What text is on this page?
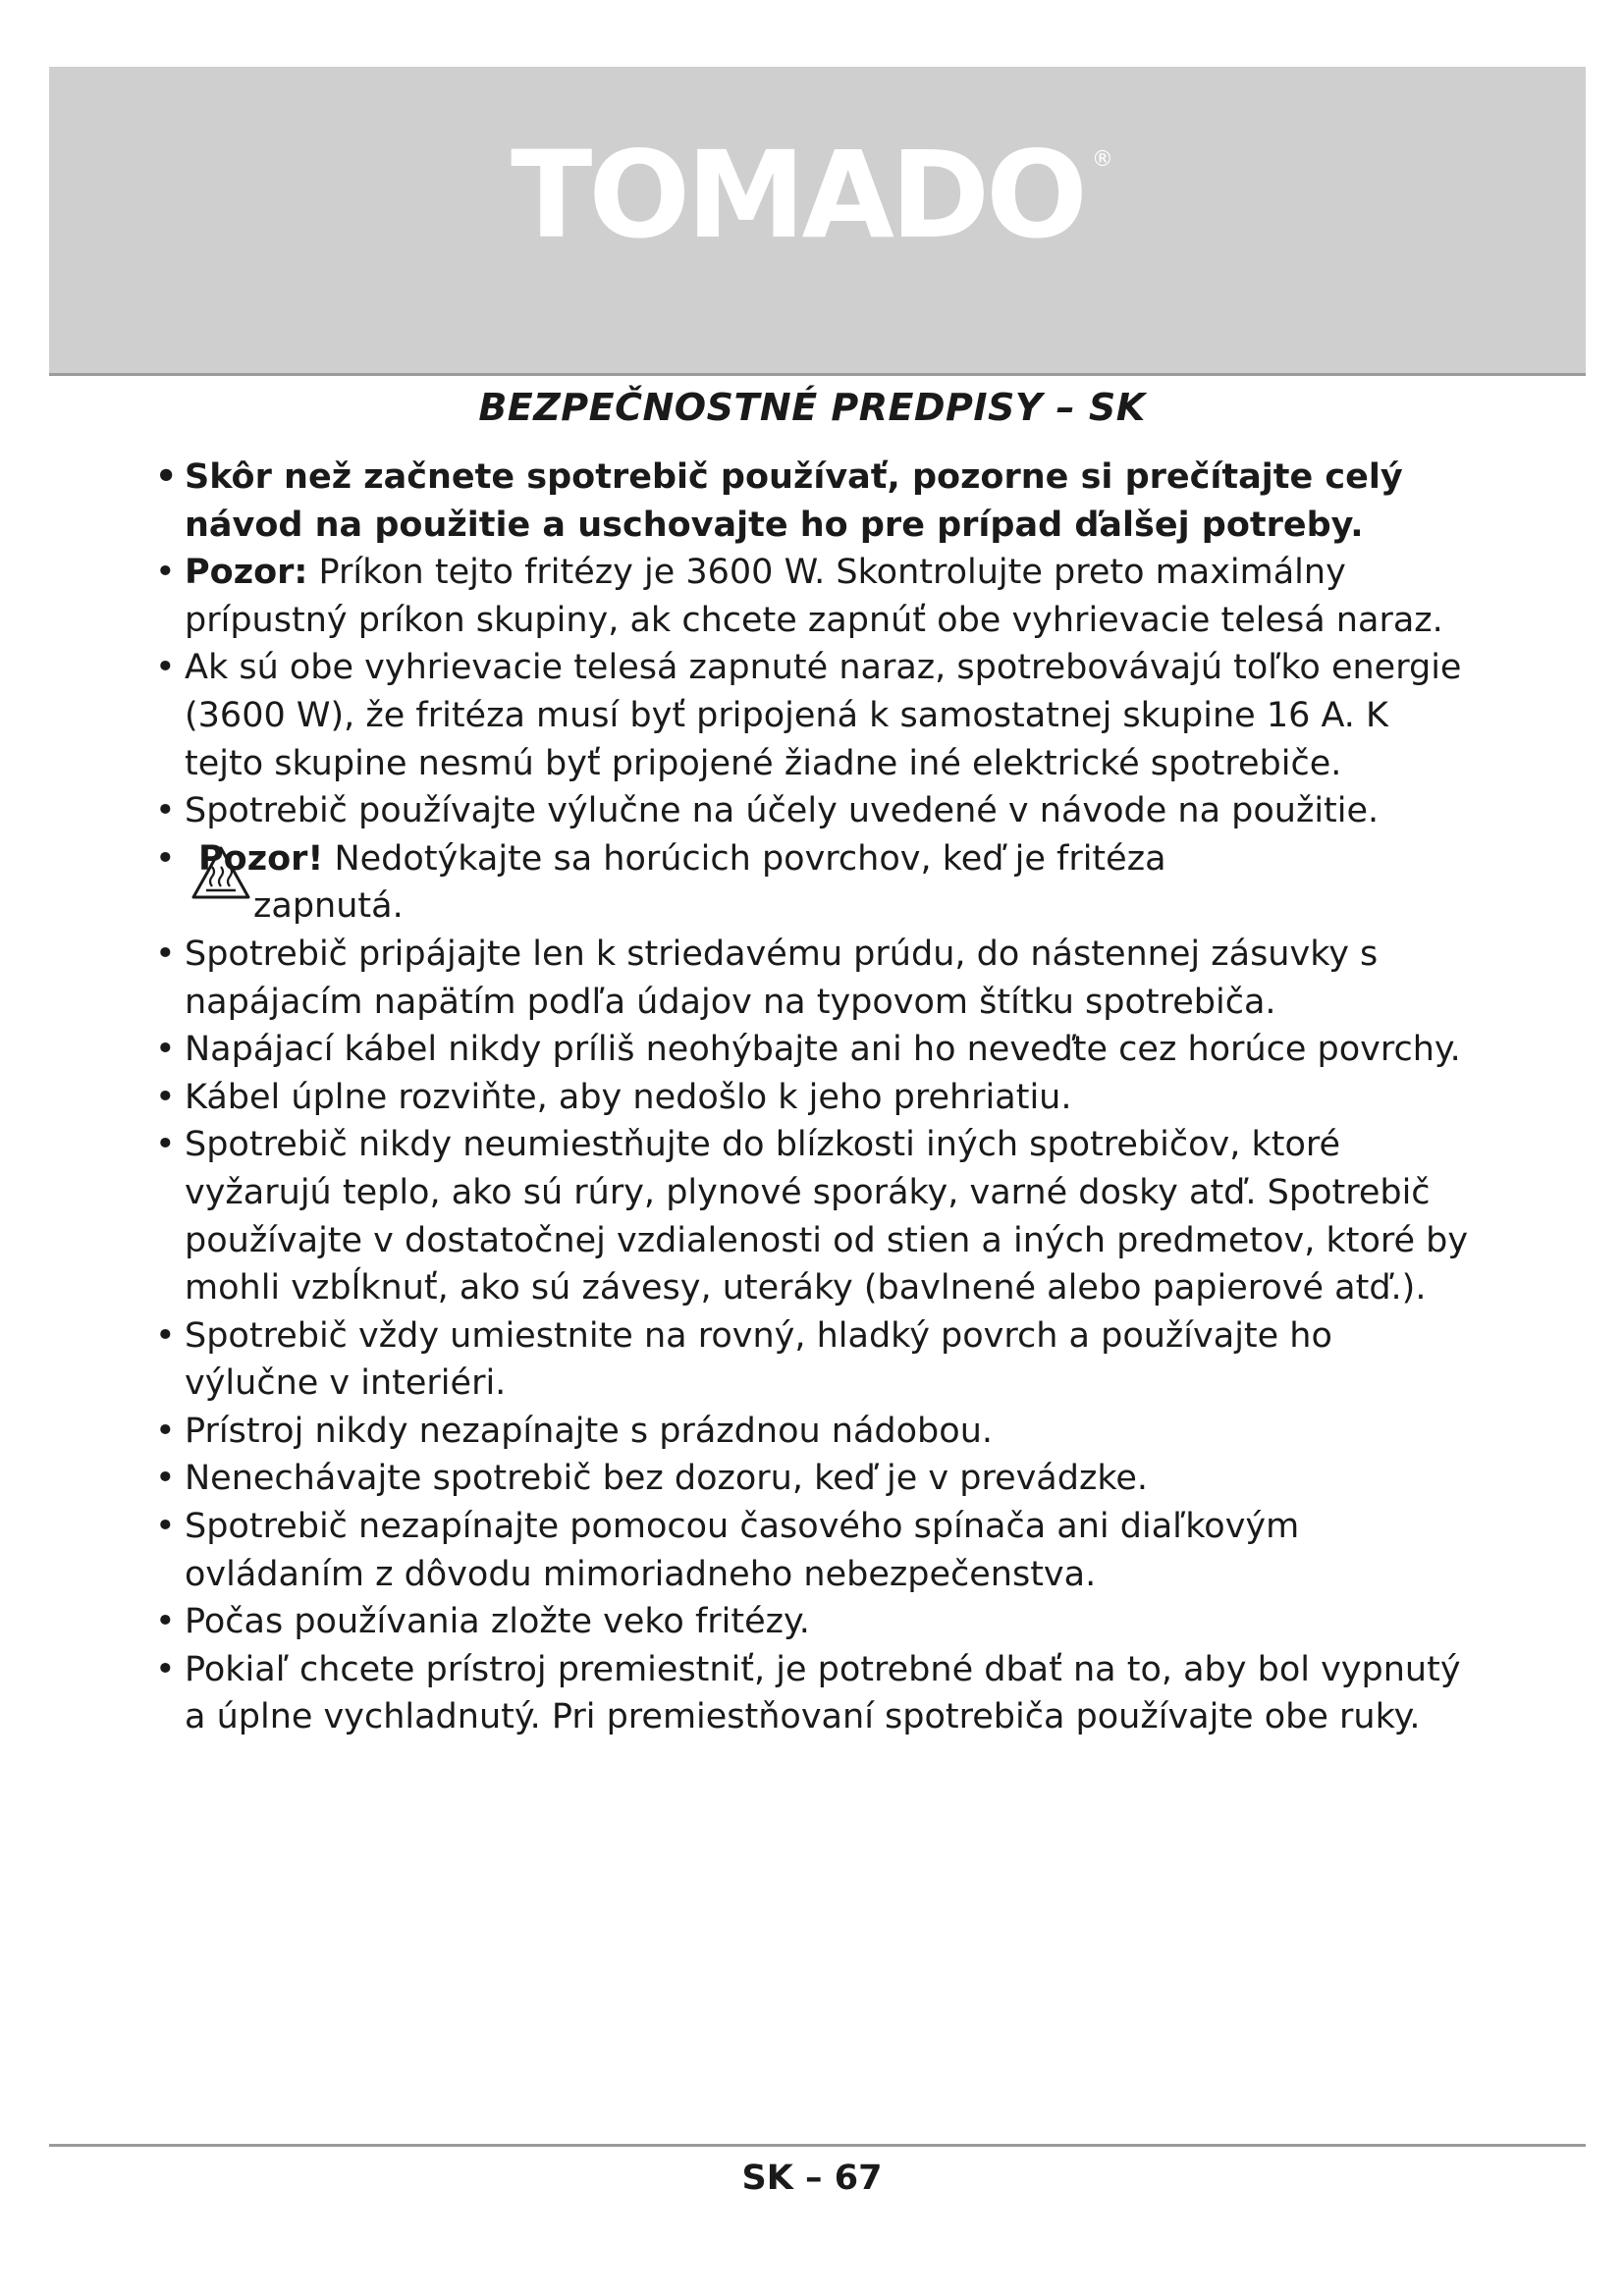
TOMADO ®
BEZPEČNOSTNÉ PREDPISY – SK
• Skôr než začnete spotrebič používať, pozorne si prečítajte celý návod na použitie a uschovajte ho pre prípad ďalšej potreby.
• Pozor: Príkon tejto fritézy je 3600 W. Skontrolujte preto maximálny prípustný príkon skupiny, ak chcete zapnúť obe vyhrievacie telesá naraz.
• Ak sú obe vyhrievacie telesá zapnuté naraz, spotrebovávajú toľko energie (3600 W), že fritéza musí byť pripojená k samostatnej skupine 16 A. K tejto skupine nesmú byť pripojené žiadne iné elektrické spotrebiče.
• Spotrebič používajte výlučne na účely uvedené v návode na použitie.
• Pozor! Nedotýkajte sa horúcich povrchov, keď je fritéza
zapnutá.
• Spotrebič pripájajte len k striedavému prúdu, do nástennej zásuvky s napájacím napätím podľa údajov na typovom štítku spotrebiča.
• Napájací kábel nikdy príliš neohýbajte ani ho neveďte cez horúce povrchy.
• Kábel úplne rozviňte, aby nedošlo k jeho prehriatiu.
• Spotrebič nikdy neumiestňujte do blízkosti iných spotrebičov, ktoré vyžarujú teplo, ako sú rúry, plynové sporáky, varné dosky atď. Spotrebič používajte v dostatočnej vzdialenosti od stien a iných predmetov, ktoré by mohli vzbĺknuť, ako sú závesy, uteráky (bavlnené alebo papierové atď.).
• Spotrebič vždy umiestnite na rovný, hladký povrch a používajte ho výlučne v interiéri.
• Prístroj nikdy nezapínajte s prázdnou nádobou.
• Nenechávajte spotrebič bez dozoru, keď je v prevádzke.
• Spotrebič nezapínajte pomocou časového spínača ani diaľkovým ovládaním z dôvodu mimoriadneho nebezpečenstva.
• Počas používania zložte veko fritézy.
• Pokiaľ chcete prístroj premiestniť, je potrebné dbať na to, aby bol vypnutý a úplne vychladnutý. Pri premiestňovaní spotrebiča používajte obe ruky.
SK – 67
